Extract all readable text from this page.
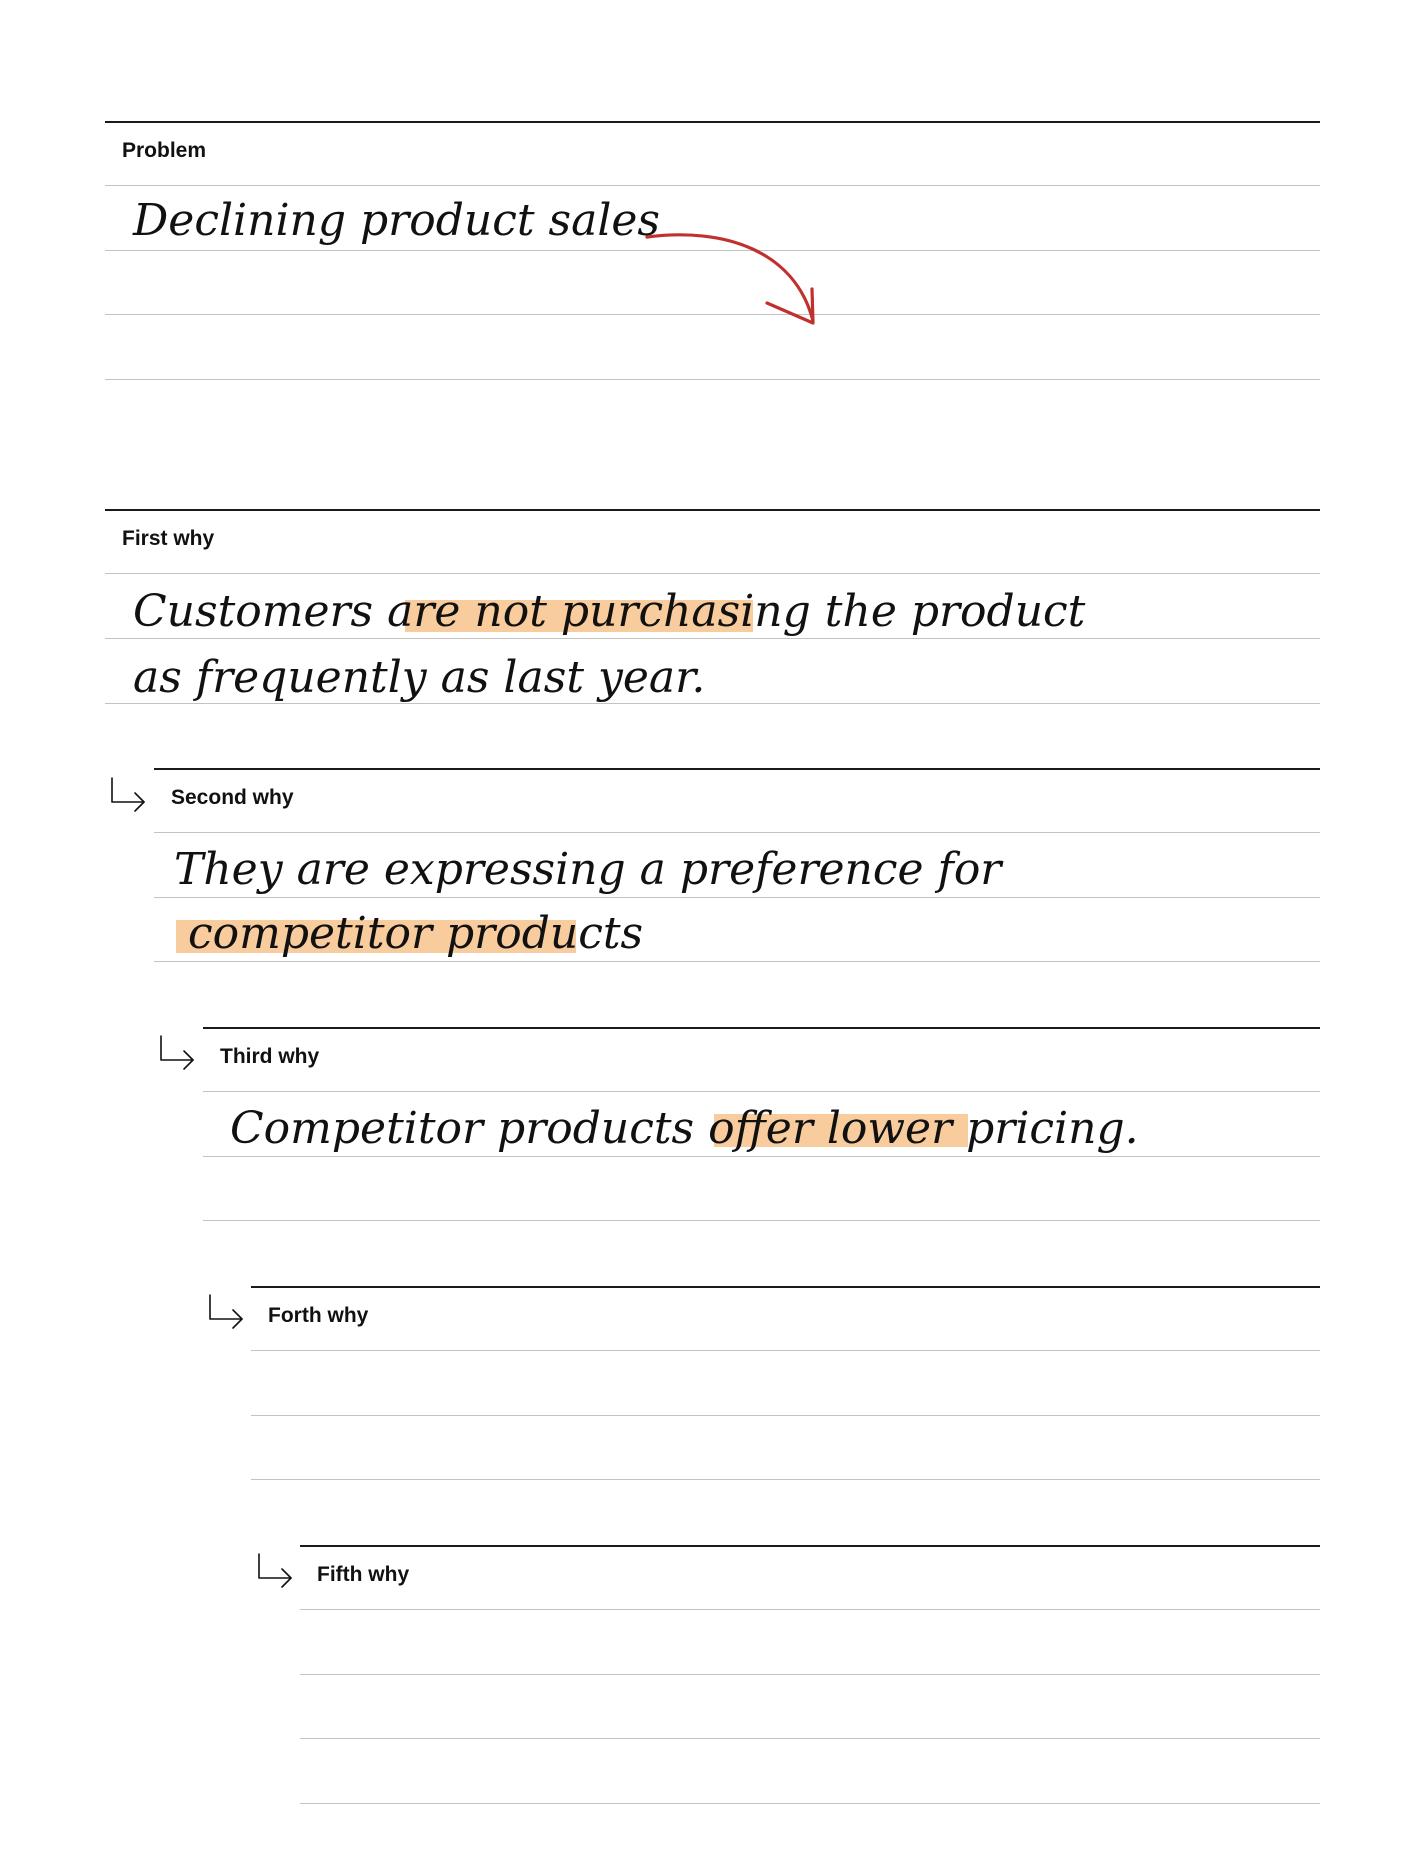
Problem
Declining product sales
First why
Customers are not purchasing the product
as frequently as last year.
Second why
They are expressing a preference for
competitor products
Third why
Competitor products offer lower pricing.
Forth why
Fifth why
